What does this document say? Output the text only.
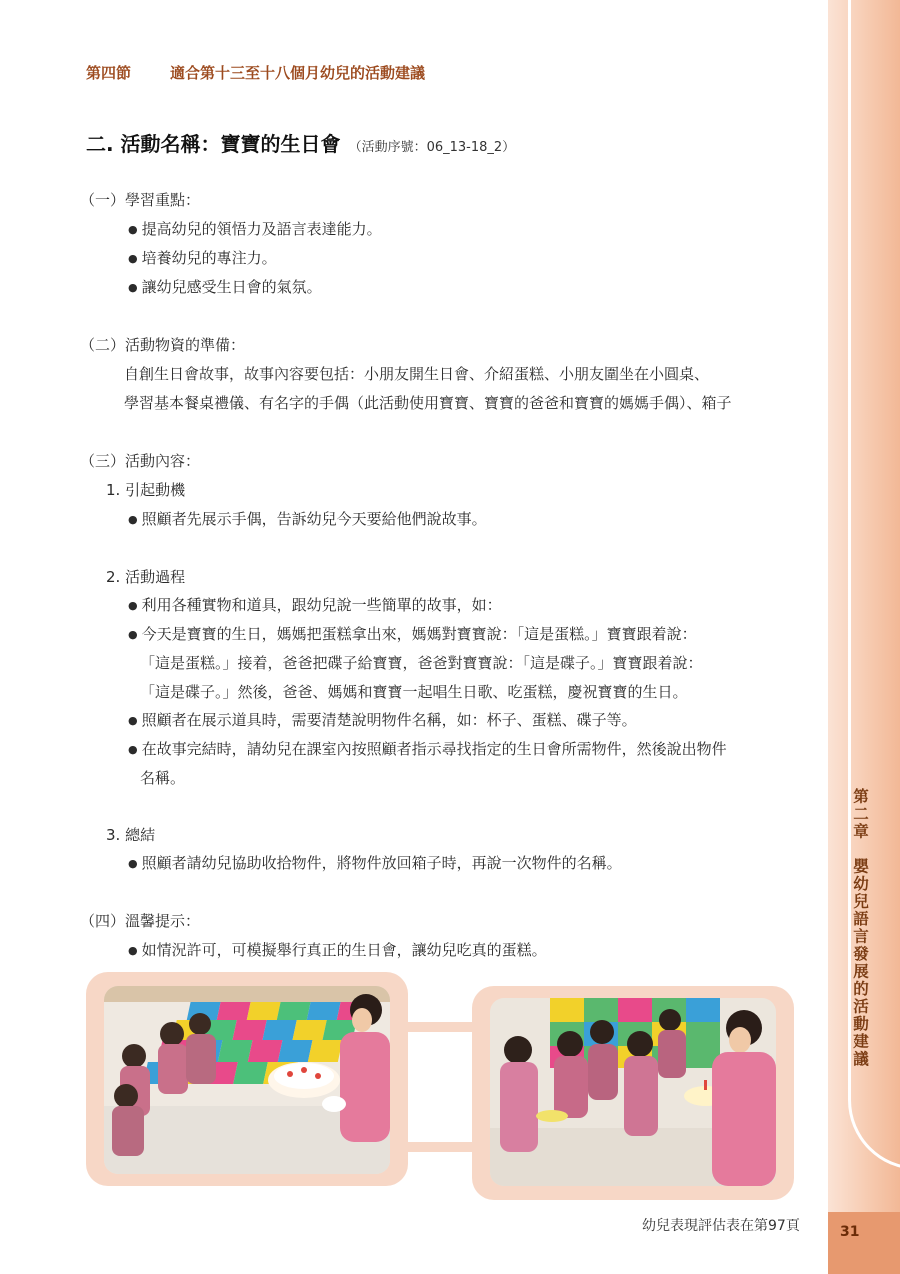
第二章　嬰幼兒語言發展的活動建議
31
第四節	適合第十三至十八個月幼兒的活動建議
二. 活動名稱：寶寶的生日會 （活動序號：06_13-18_2）
（一）學習重點：
● 提高幼兒的領悟力及語言表達能力。
● 培養幼兒的專注力。
● 讓幼兒感受生日會的氣氛。
（二）活動物資的準備：
自創生日會故事，故事內容要包括：小朋友開生日會、介紹蛋糕、小朋友圍坐在小圓桌、
學習基本餐桌禮儀、有名字的手偶（此活動使用寶寶、寶寶的爸爸和寶寶的媽媽手偶）、箱子
（三）活動內容：
1. 引起動機
● 照顧者先展示手偶，告訴幼兒今天要給他們說故事。
2. 活動過程
● 利用各種實物和道具，跟幼兒說一些簡單的故事，如：
● 今天是寶寶的生日，媽媽把蛋糕拿出來，媽媽對寶寶說：「這是蛋糕。」寶寶跟着說：
「這是蛋糕。」接着，爸爸把碟子給寶寶，爸爸對寶寶說：「這是碟子。」寶寶跟着說：
「這是碟子。」然後，爸爸、媽媽和寶寶一起唱生日歌、吃蛋糕，慶祝寶寶的生日。
● 照顧者在展示道具時，需要清楚說明物件名稱，如：杯子、蛋糕、碟子等。
● 在故事完結時，請幼兒在課室內按照顧者指示尋找指定的生日會所需物件，然後說出物件
名稱。
3. 總結
● 照顧者請幼兒協助收拾物件，將物件放回箱子時，再說一次物件的名稱。
（四）溫馨提示：
● 如情況許可，可模擬舉行真正的生日會，讓幼兒吃真的蛋糕。
幼兒表現評估表在第97頁
